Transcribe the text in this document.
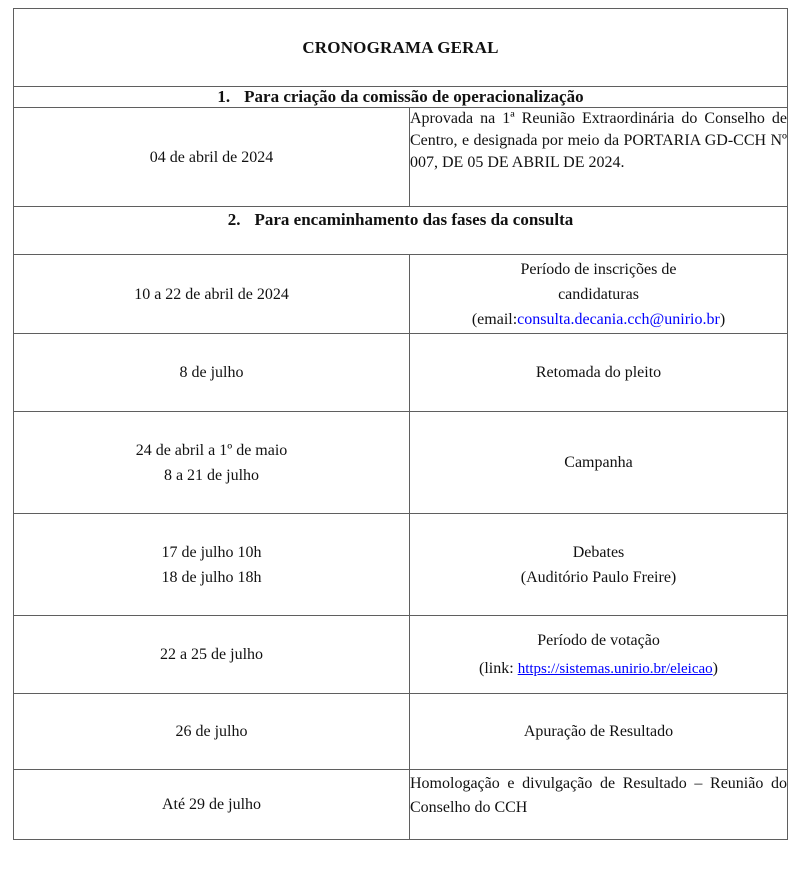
CRONOGRAMA GERAL	
1. Para criação da comissão de operacionalização	
04 de abril de 2024	Aprovada na 1ª Reunião Extraordinária do Conselho de Centro, e designada por meio da PORTARIA GD-CCH Nº 007, DE 05 DE ABRIL DE 2024.
2. Para encaminhamento das fases da consulta	
10 a 22 de abril de 2024	Período de inscrições de
candidaturas
(email:consulta.decania.cch@unirio.br)

8 de julho	Retomada do pleito

24 de abril a 1º de maio
8 a 21 de julho	Campanha

17 de julho 10h
18 de julho 18h	Debates
(Auditório Paulo Freire)

22 a 25 de julho	Período de votação
(link: https://sistemas.unirio.br/eleicao)

26 de julho	Apuração de Resultado
Até 29 de julho	Homologação e divulgação de Resultado – Reunião do Conselho do CCH
